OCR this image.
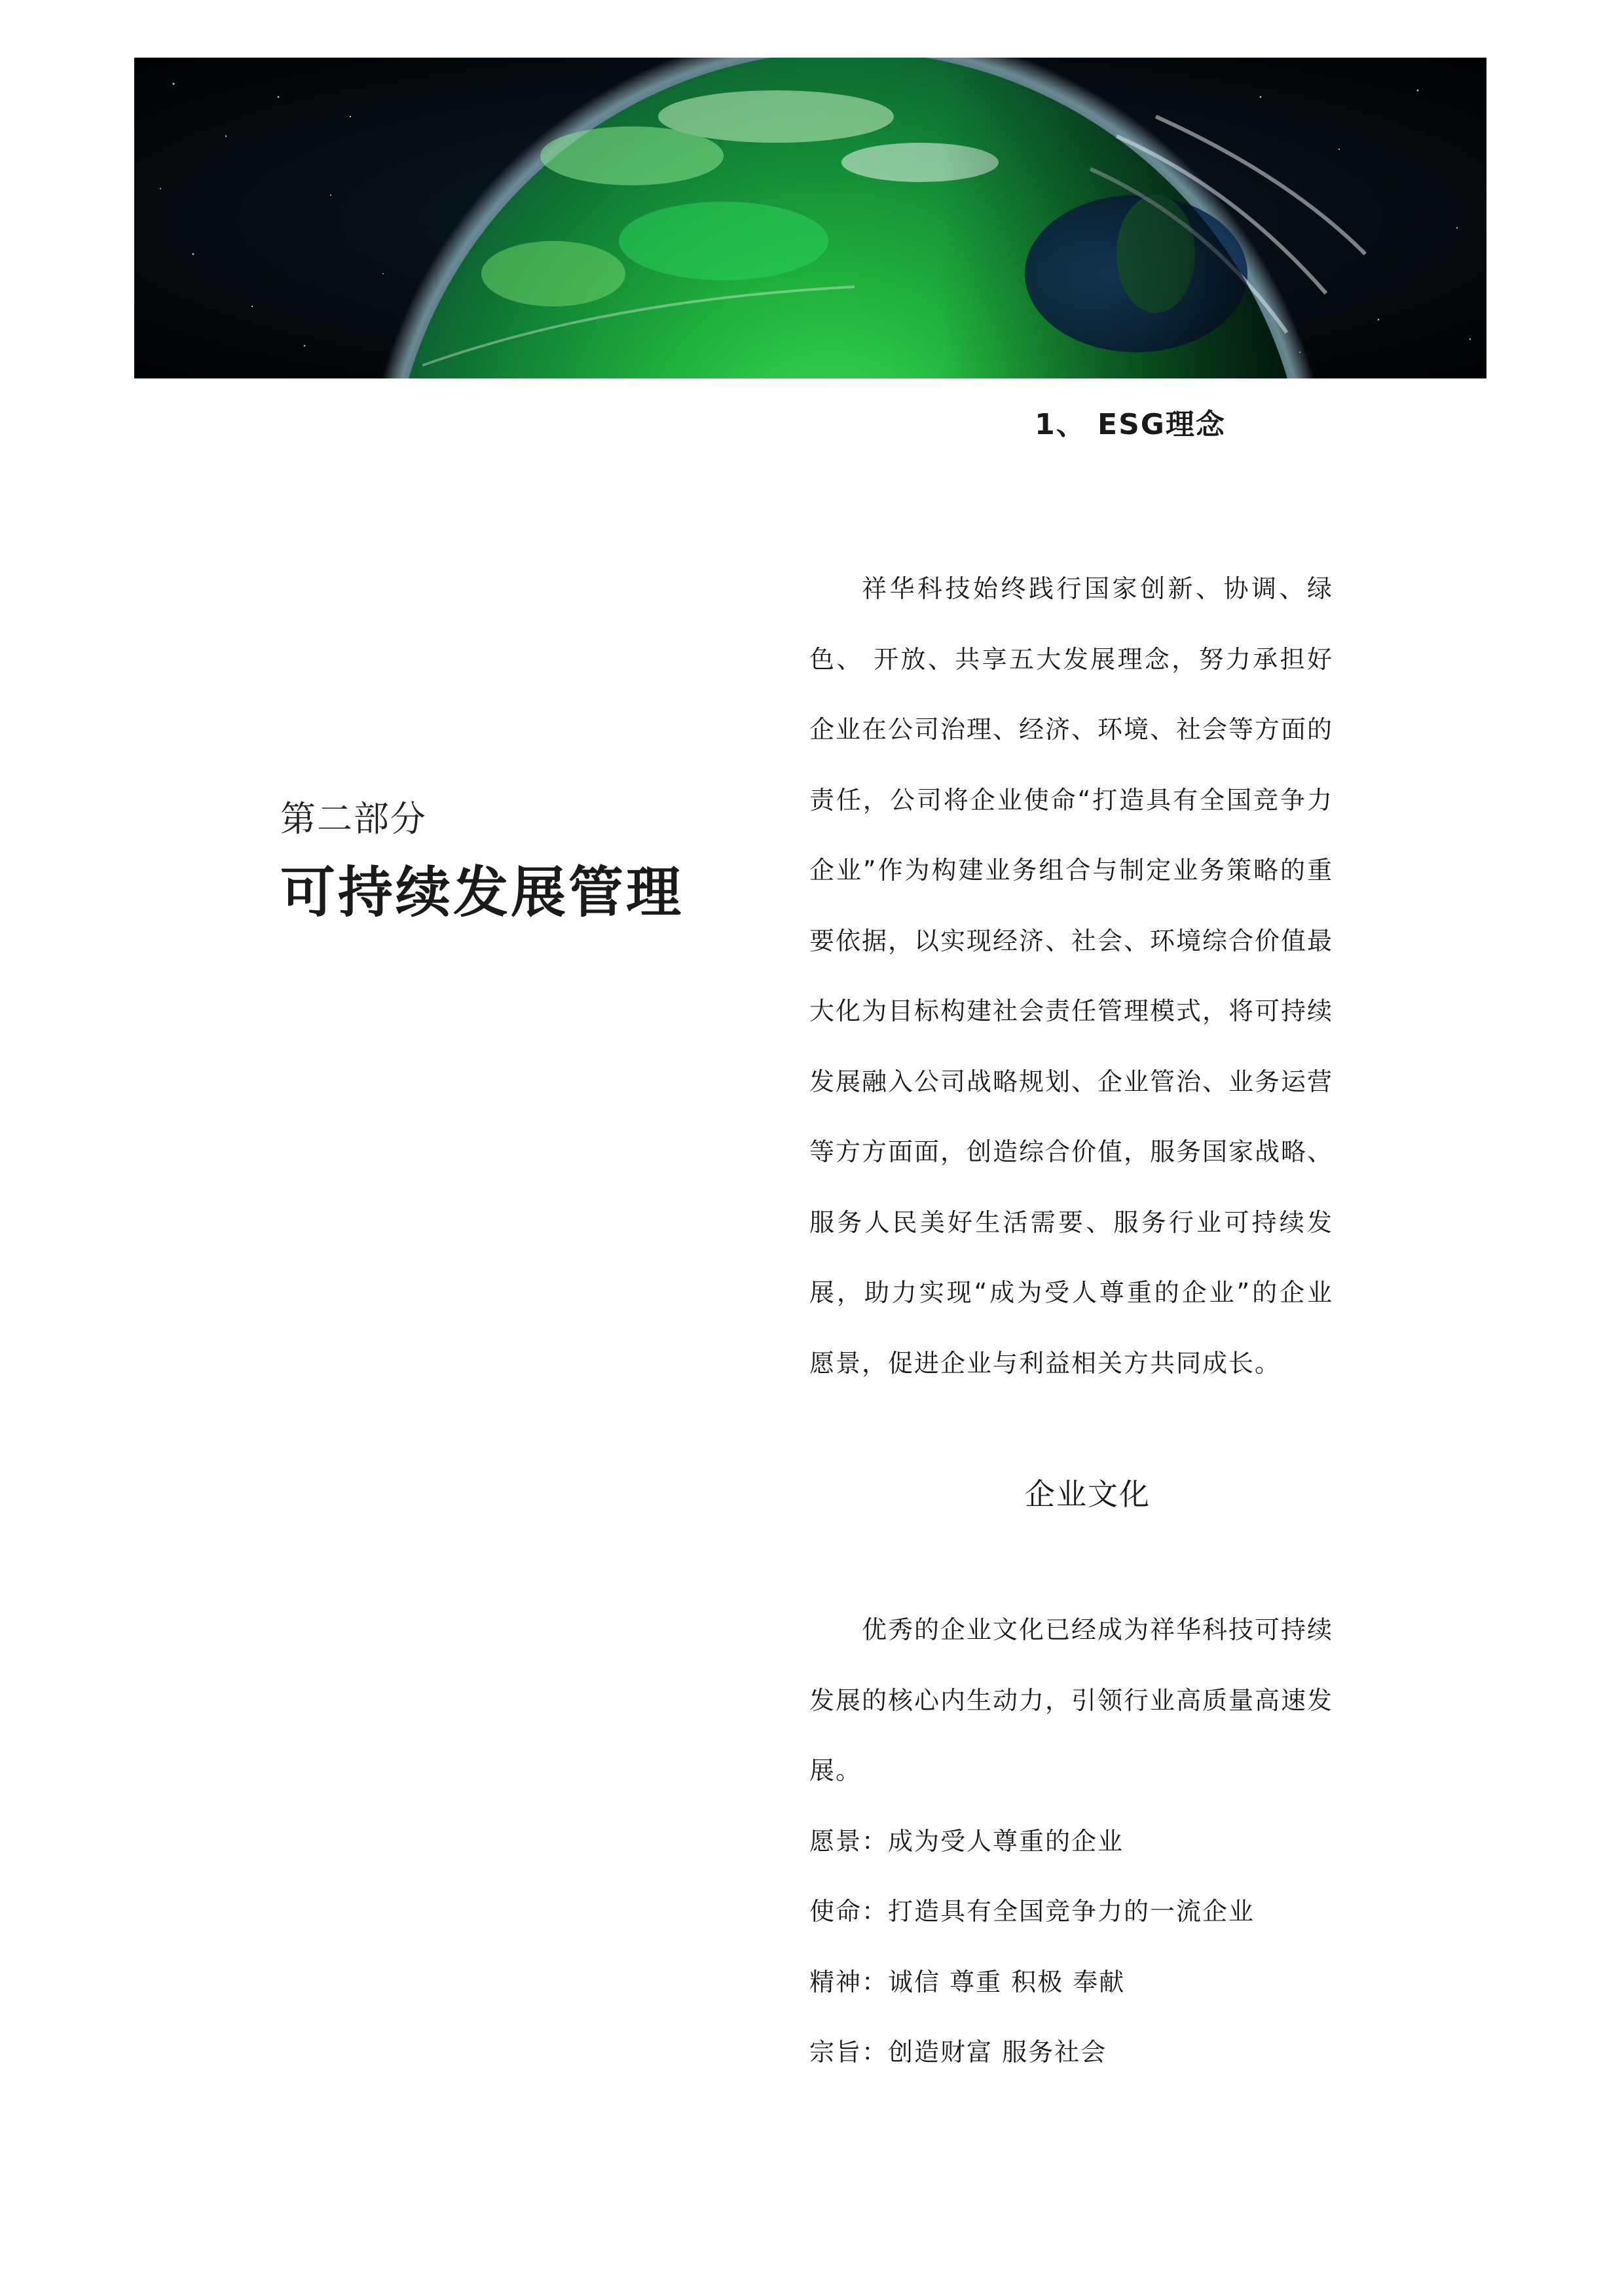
第二部分
可持续发展管理
1、 ESG理念

祥华科技始终践行国家创新、协调、绿色、 开放、共享五大发展理念，努力承担好企业在公司治理、经济、环境、社会等方面的责任，公司将企业使命“打造具有全国竞争力　　企业”作为构建业务组合与制定业务策略的重要依据，以实现经济、社会、环境综合价值最大化为目标构建社会责任管理模式，将可持续发展融入公司战略规划、企业管治、业务运营等方方面面，创造综合价值，服务国家战略、服务人民美好生活需要、服务行业可持续发展，助力实现“成为受人尊重的企业”的企业愿景，促进企业与利益相关方共同成长。

企业文化

优秀的企业文化已经成为祥华科技可持续发展的核心内生动力，引领行业高质量高速发展。

愿景：成为受人尊重的企业
使命：打造具有全国竞争力的一流企业
精神：诚信 尊重 积极 奉献
宗旨：创造财富 服务社会
